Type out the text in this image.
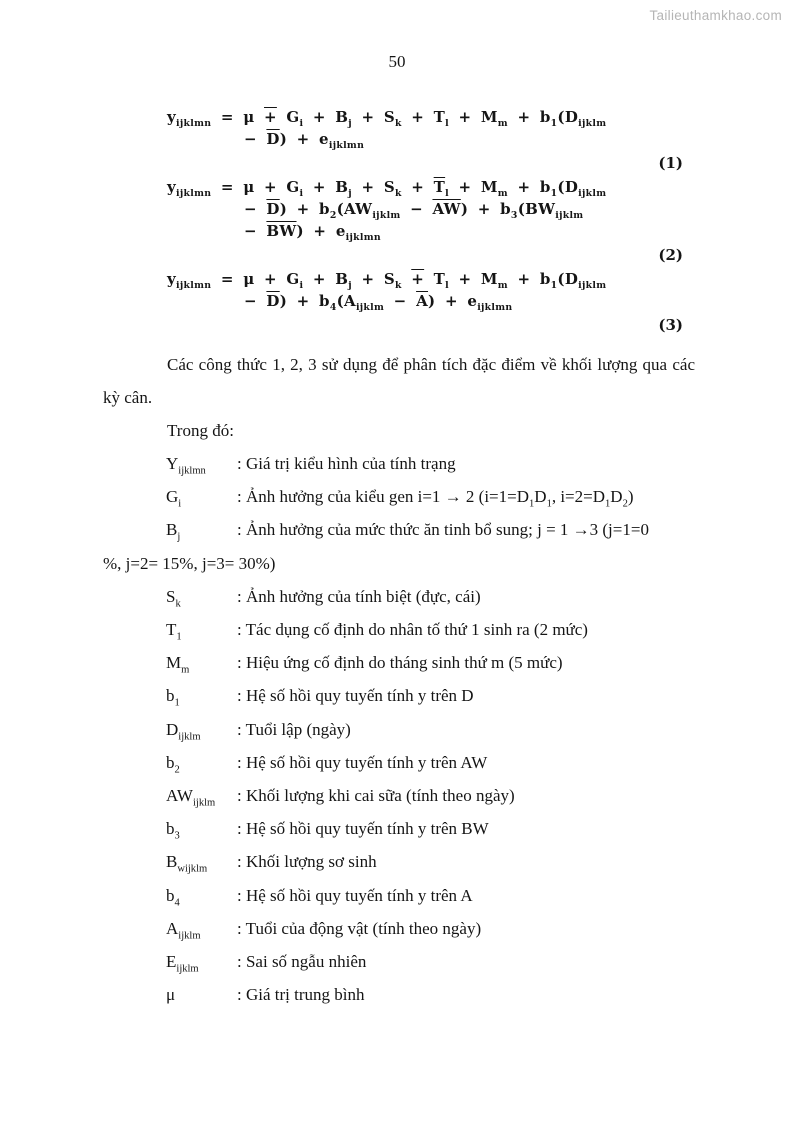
Tailieuthamkhao.com
50
$y_{ijklmn} = \mu + G_i + B_j + S_k + T_l + M_m + b_1(D_{ijklm}$
− $\overline{D}) + e_{ijklmn}$
(1)
$y_{ijklmn} = \mu + G_i + B_j + S_k + \overline{T}_l + M_m + b_1(D_{ijklm}$
− $\overline{D}) + b_2(AW_{ijklm} - \overline{AW}) + b_3(BW_{ijklm}$
− $\overline{BW}) + e_{ijklmn}$
(2)
$y_{ijklmn} = \mu + G_i + B_j + S_k + T_l + M_m + b_1(D_{ijklm}$
− $\overline{D}) + b_4(A_{ijklm} - \overline{A}) + e_{ijklmn}$
(3)

Các công thức 1, 2, 3 sử dụng để phân tích đặc điểm về khối lượng qua các kỳ cân.

Trong đó:

$Y_{ijklmn}$ : Giá trị kiểu hình của tính trạng
$G_i$	: Ảnh hưởng của kiểu gen i=1 → 2 ($i=1=D_1D_1$, $i=2=D_1D_2$)
$B_j$	: Ảnh hưởng của mức thức ăn tinh bổ sung; j = 1 →3 (j=1=0
%, j=2= 15%, j=3= 30%)
$S_k$	: Ảnh hưởng của tính biệt (đực, cái)
$T_1$	: Tác dụng cố định do nhân tố thứ 1 sinh ra (2 mức)
$M_m$	: Hiệu ứng cố định do tháng sinh thứ m (5 mức)
$b_1$	: Hệ số hồi quy tuyến tính y trên D
$D_{ijklm}$ : Tuổi lập (ngày)
$b_2$	: Hệ số hồi quy tuyến tính y trên AW
$AW_{ijklm}$ : Khối lượng khi cai sữa (tính theo ngày)
$b_3$	: Hệ số hồi quy tuyến tính y trên BW
$B_{wijklm}$ : Khối lượng sơ sinh
$b_4$	: Hệ số hồi quy tuyến tính y trên A
$A_{ijklm}$ : Tuổi của động vật (tính theo ngày)
$E_{ijklm}$ : Sai số ngẫu nhiên
μ	: Giá trị trung bình
